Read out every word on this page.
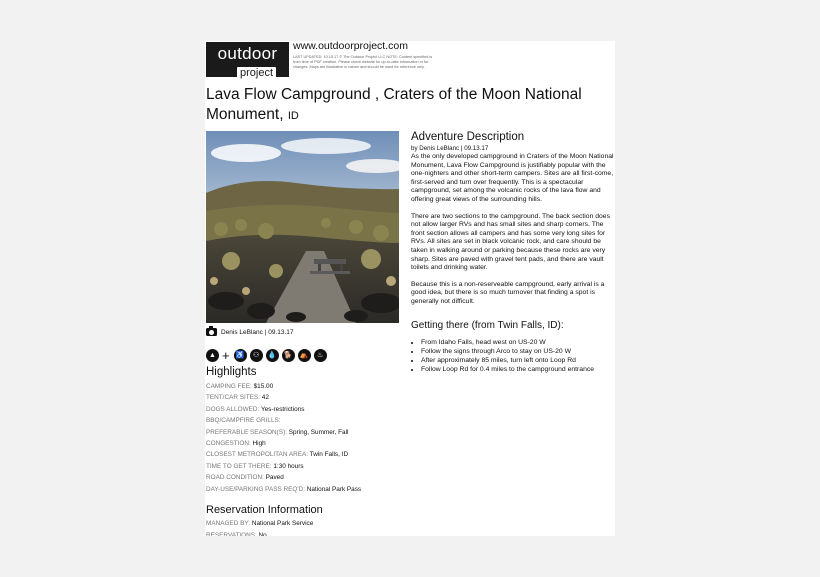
outdoor
project
www.outdoorproject.com
LAST UPDATED: 10.15.17 © The Outdoor Project LLC NOTE: Content specified is from time of PDF creation. Please check website for up-to-date information or for changes. Maps are illustrative in nature and should be used for reference only.
Lava Flow Campground , Craters of the Moon National Monument, ID
Denis LeBlanc | 09.13.17
▲ + ♿	⚇	💧	🐕	⛺	♨
Highlights
CAMPING FEE: $15.00
TENT/CAR SITES: 42
DOGS ALLOWED: Yes-restrictions
BBQ/CAMPFIRE GRILLS:
PREFERABLE SEASON(S): Spring, Summer, Fall
CONGESTION: High
CLOSEST METROPOLITAN AREA: Twin Falls, ID
TIME TO GET THERE: 1:30 hours
ROAD CONDITION: Paved
DAY-USE/PARKING PASS REQ'D: National Park Pass
Reservation Information
MANAGED BY: National Park Service
RESERVATIONS: No
Adventure Description
by Denis LeBlanc | 09.13.17

As the only developed campground in Craters of the Moon National Monument, Lava Flow Campground is justifiably popular with the one-nighters and other short-term campers. Sites are all first-come, first-served and turn over frequently. This is a spectacular campground, set among the volcanic rocks of the lava flow and offering great views of the surrounding hills.

There are two sections to the campground. The back section does not allow larger RVs and has small sites and sharp corners. The front section allows all campers and has some very long sites for RVs. All sites are set in black volcanic rock, and care should be taken in walking around or parking because these rocks are very sharp. Sites are paved with gravel tent pads, and there are vault toilets and drinking water.

Because this is a non-reserveable campground, early arrival is a good idea, but there is so much turnover that finding a spot is generally not difficult.

Getting there (from Twin Falls, ID):
• From Idaho Falls, head west on US-20 W
• Follow the signs through Arco to stay on US-20 W
• After approximately 85 miles, turn left onto Loop Rd
• Follow Loop Rd for 0.4 miles to the campground entrance
